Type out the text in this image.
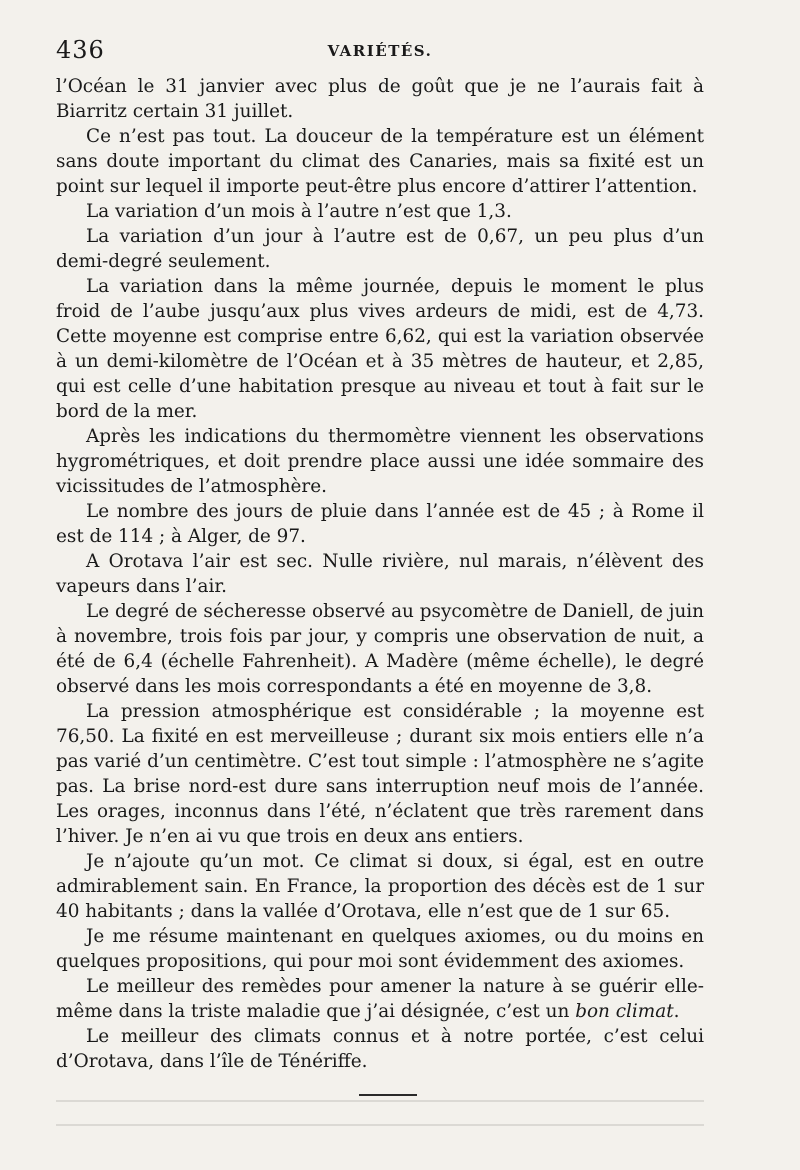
436	VARIÉTÉS.

l’Océan le 31 janvier avec plus de goût que je ne l’aurais fait à Biarritz certain 31 juillet.

Ce n’est pas tout. La douceur de la température est un élément sans doute important du climat des Canaries, mais sa fixité est un point sur lequel il importe peut-être plus encore d’attirer l’attention.

La variation d’un mois à l’autre n’est que 1,3.

La variation d’un jour à l’autre est de 0,67, un peu plus d’un demi-degré seulement.

La variation dans la même journée, depuis le moment le plus froid de l’aube jusqu’aux plus vives ardeurs de midi, est de 4,73. Cette moyenne est comprise entre 6,62, qui est la variation observée à un demi-kilomètre de l’Océan et à 35 mètres de hauteur, et 2,85, qui est celle d’une habitation presque au niveau et tout à fait sur le bord de la mer.

Après les indications du thermomètre viennent les observations hygrométriques, et doit prendre place aussi une idée sommaire des vicissitudes de l’atmosphère.

Le nombre des jours de pluie dans l’année est de 45 ; à Rome il est de 114 ; à Alger, de 97.

A Orotava l’air est sec. Nulle rivière, nul marais, n’élèvent des vapeurs dans l’air.

Le degré de sécheresse observé au psycomètre de Daniell, de juin à novembre, trois fois par jour, y compris une observation de nuit, a été de 6,4 (échelle Fahrenheit). A Madère (même échelle), le degré observé dans les mois correspondants a été en moyenne de 3,8.

La pression atmosphérique est considérable ; la moyenne est 76,50. La fixité en est merveilleuse ; durant six mois entiers elle n’a pas varié d’un centimètre. C’est tout simple : l’atmosphère ne s’agite pas. La brise nord-est dure sans interruption neuf mois de l’année. Les orages, inconnus dans l’été, n’éclatent que très rarement dans l’hiver. Je n’en ai vu que trois en deux ans entiers.

Je n’ajoute qu’un mot. Ce climat si doux, si égal, est en outre admirablement sain. En France, la proportion des décès est de 1 sur 40 habitants ; dans la vallée d’Orotava, elle n’est que de 1 sur 65.

Je me résume maintenant en quelques axiomes, ou du moins en quelques propositions, qui pour moi sont évidemment des axiomes.

Le meilleur des remèdes pour amener la nature à se guérir elle-même dans la triste maladie que j’ai désignée, c’est un bon climat.

Le meilleur des climats connus et à notre portée, c’est celui d’Orotava, dans l’île de Ténériffe.
